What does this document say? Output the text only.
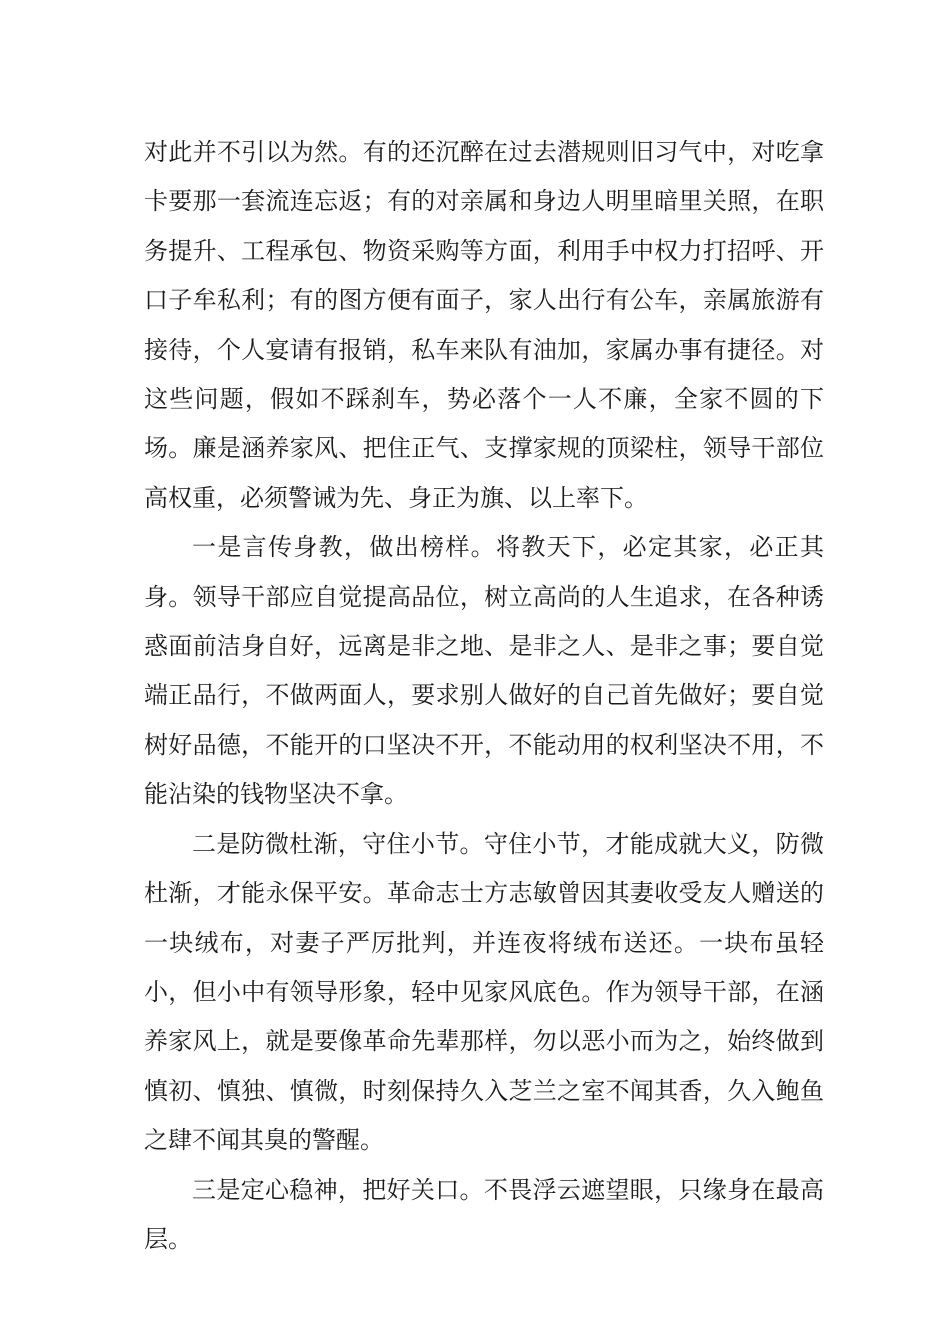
对此并不引以为然。有的还沉醉在过去潜规则旧习气中，对吃拿卡要那一套流连忘返；有的对亲属和身边人明里暗里关照，在职务提升、工程承包、物资采购等方面，利用手中权力打招呼、开口子牟私利；有的图方便有面子，家人出行有公车，亲属旅游有接待，个人宴请有报销，私车来队有油加，家属办事有捷径。对这些问题，假如不踩刹车，势必落个一人不廉，全家不圆的下场。廉是涵养家风、把住正气、支撑家规的顶梁柱，领导干部位高权重，必须警诫为先、身正为旗、以上率下。

一是言传身教，做出榜样。将教天下，必定其家，必正其身。领导干部应自觉提高品位，树立高尚的人生追求，在各种诱惑面前洁身自好，远离是非之地、是非之人、是非之事；要自觉端正品行，不做两面人，要求别人做好的自己首先做好；要自觉树好品德，不能开的口坚决不开，不能动用的权利坚决不用，不能沾染的钱物坚决不拿。

二是防微杜渐，守住小节。守住小节，才能成就大义，防微杜渐，才能永保平安。革命志士方志敏曾因其妻收受友人赠送的一块绒布，对妻子严厉批判，并连夜将绒布送还。一块布虽轻小，但小中有领导形象，轻中见家风底色。作为领导干部，在涵养家风上，就是要像革命先辈那样，勿以恶小而为之，始终做到慎初、慎独、慎微，时刻保持久入芝兰之室不闻其香，久入鲍鱼之肆不闻其臭的警醒。

三是定心稳神，把好关口。不畏浮云遮望眼，只缘身在最高层。
